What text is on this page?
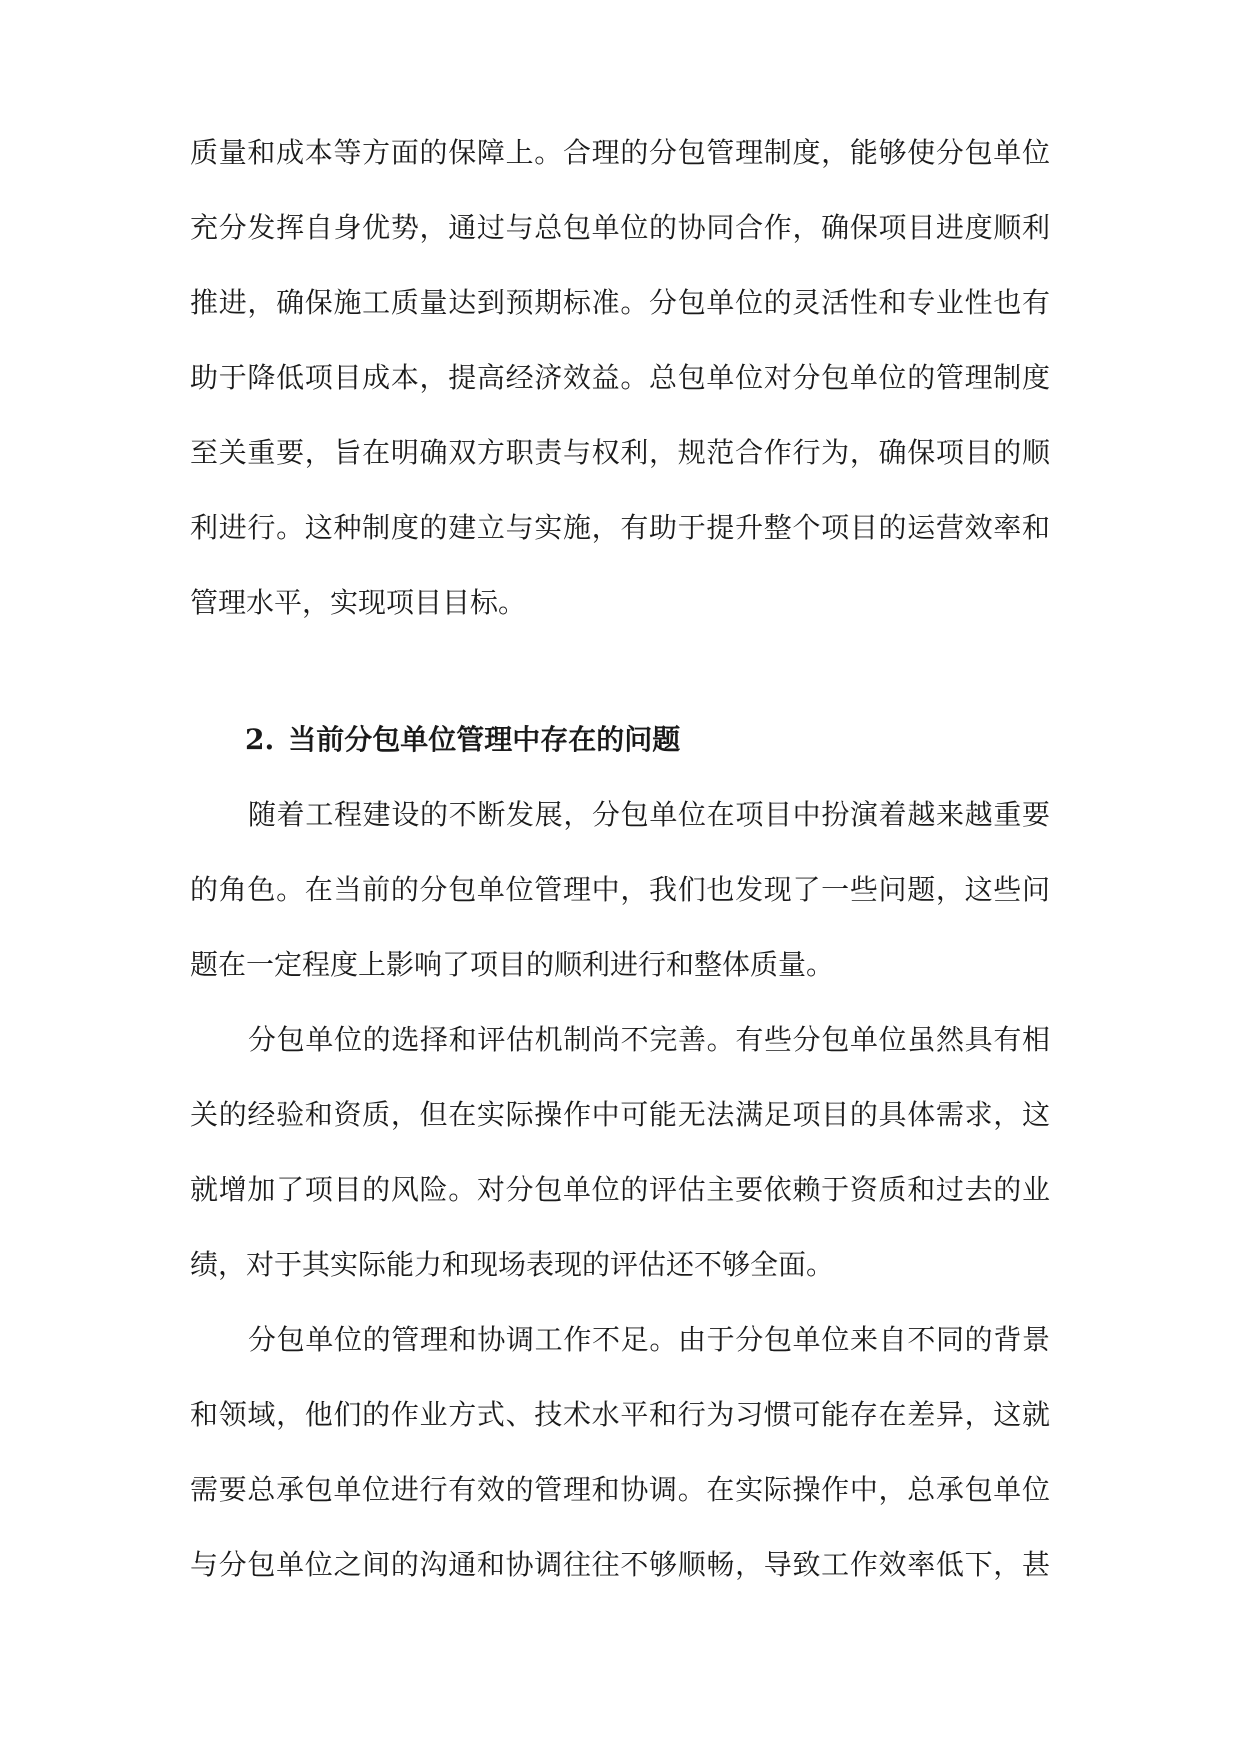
质量和成本等方面的保障上。合理的分包管理制度，能够使分包单位
充分发挥自身优势，通过与总包单位的协同合作，确保项目进度顺利
推进，确保施工质量达到预期标准。分包单位的灵活性和专业性也有
助于降低项目成本，提高经济效益。总包单位对分包单位的管理制度
至关重要，旨在明确双方职责与权利，规范合作行为，确保项目的顺
利进行。这种制度的建立与实施，有助于提升整个项目的运营效率和
管理水平，实现项目目标。

2. 当前分包单位管理中存在的问题

随着工程建设的不断发展，分包单位在项目中扮演着越来越重要
的角色。在当前的分包单位管理中，我们也发现了一些问题，这些问
题在一定程度上影响了项目的顺利进行和整体质量。

分包单位的选择和评估机制尚不完善。有些分包单位虽然具有相
关的经验和资质，但在实际操作中可能无法满足项目的具体需求，这
就增加了项目的风险。对分包单位的评估主要依赖于资质和过去的业
绩，对于其实际能力和现场表现的评估还不够全面。

分包单位的管理和协调工作不足。由于分包单位来自不同的背景
和领域，他们的作业方式、技术水平和行为习惯可能存在差异，这就
需要总承包单位进行有效的管理和协调。在实际操作中，总承包单位
与分包单位之间的沟通和协调往往不够顺畅，导致工作效率低下，甚
